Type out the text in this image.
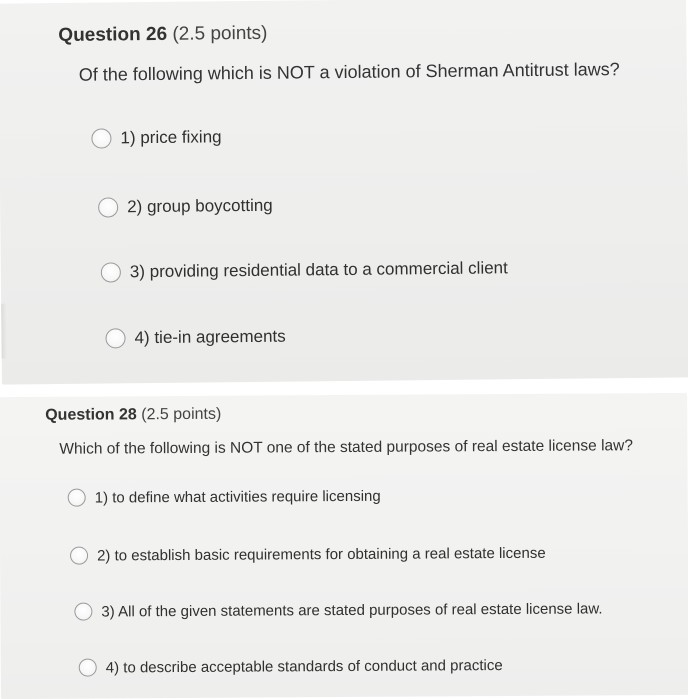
Question 26 (2.5 points)
Of the following which is NOT a violation of Sherman Antitrust laws?
1) price fixing
2) group boycotting
3) providing residential data to a commercial client
4) tie-in agreements
Question 28 (2.5 points)
Which of the following is NOT one of the stated purposes of real estate license law?
1) to define what activities require licensing
2) to establish basic requirements for obtaining a real estate license
3) All of the given statements are stated purposes of real estate license law.
4) to describe acceptable standards of conduct and practice
